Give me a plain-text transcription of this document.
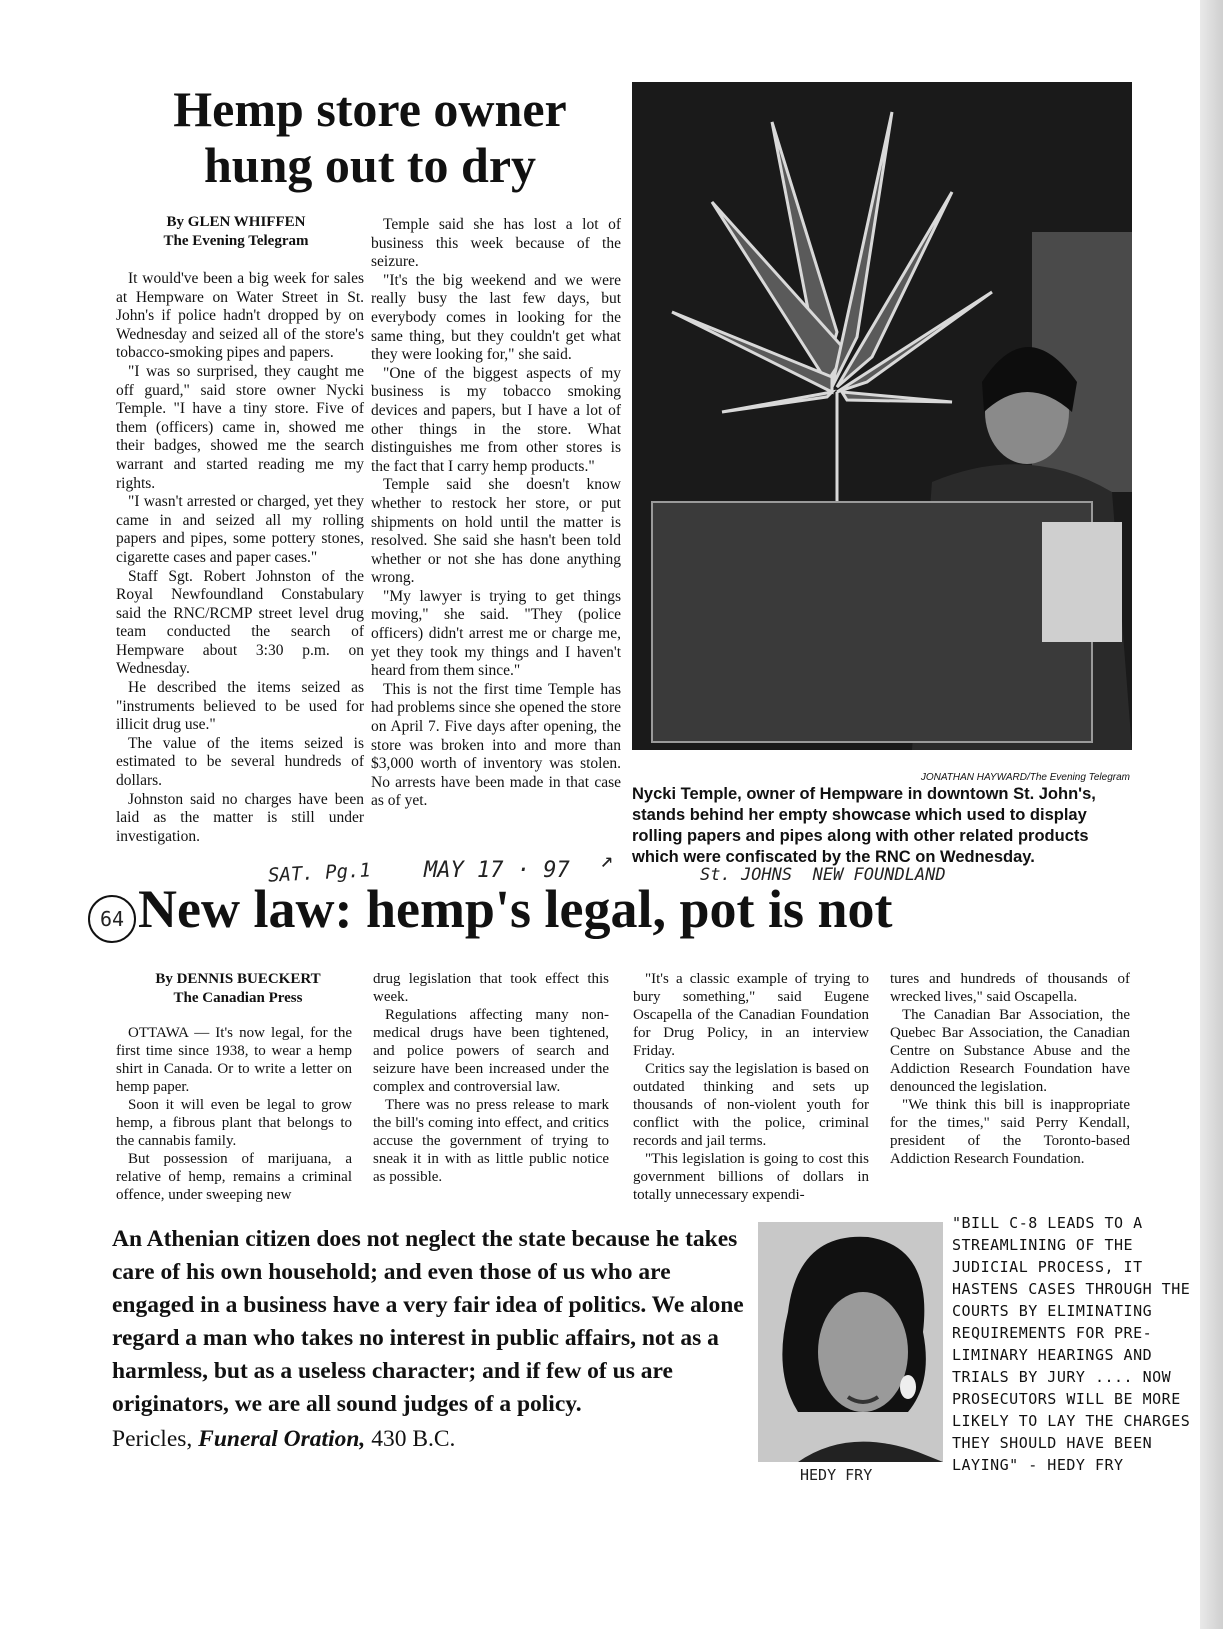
Hemp store owner
hung out to dry
By GLEN WHIFFEN
The Evening Telegram

It would've been a big week for sales at Hempware on Water Street in St. John's if police hadn't dropped by on Wednesday and seized all of the store's tobacco-smoking pipes and papers.

"I was so surprised, they caught me off guard," said store owner Nycki Temple. "I have a tiny store. Five of them (officers) came in, showed me their badges, showed me the search warrant and started reading me my rights.

"I wasn't arrested or charged, yet they came in and seized all my rolling papers and pipes, some pottery stones, cigarette cases and paper cases."

Staff Sgt. Robert Johnston of the Royal Newfoundland Constabulary said the RNC/RCMP street level drug team conducted the search of Hempware about 3:30 p.m. on Wednesday.

He described the items seized as "instruments believed to be used for illicit drug use."

The value of the items seized is estimated to be several hundreds of dollars.

Johnston said no charges have been laid as the matter is still under investigation.

Temple said she has lost a lot of business this week because of the seizure.

"It's the big weekend and we were really busy the last few days, but everybody comes in looking for the same thing, but they couldn't get what they were looking for," she said.

"One of the biggest aspects of my business is my tobacco smoking devices and papers, but I have a lot of other things in the store. What distinguishes me from other stores is the fact that I carry hemp products."

Temple said she doesn't know whether to restock her store, or put shipments on hold until the matter is resolved. She said she hasn't been told whether or not she has done anything wrong.

"My lawyer is trying to get things moving," she said. "They (police officers) didn't arrest me or charge me, yet they took my things and I haven't heard from them since."

This is not the first time Temple has had problems since she opened the store on April 7. Five days after opening, the store was broken into and more than $3,000 worth of inventory was stolen. No arrests have been made in that case as of yet.

JONATHAN HAYWARD/The Evening Telegram
Nycki Temple, owner of Hempware in downtown St. John's, stands behind her empty showcase which used to display rolling papers and pipes along with other related products which were confiscated by the RNC on Wednesday.
SAT. Pg.1 MAY 17 · 97 ↗
St. JOHNS  NEW FOUNDLAND
64 New law: hemp's legal, pot is not
By DENNIS BUECKERT
The Canadian Press

OTTAWA — It's now legal, for the first time since 1938, to wear a hemp shirt in Canada. Or to write a letter on hemp paper.

Soon it will even be legal to grow hemp, a fibrous plant that belongs to the cannabis family.

But possession of marijuana, a relative of hemp, remains a criminal offence, under sweeping new

drug legislation that took effect this week.

Regulations affecting many non-medical drugs have been tightened, and police powers of search and seizure have been increased under the complex and controversial law.

There was no press release to mark the bill's coming into effect, and critics accuse the government of trying to sneak it in with as little public notice as possible.

"It's a classic example of trying to bury something," said Eugene Oscapella of the Canadian Foundation for Drug Policy, in an interview Friday.

Critics say the legislation is based on outdated thinking and sets up thousands of non-violent youth for conflict with the police, criminal records and jail terms.

"This legislation is going to cost this government billions of dollars in totally unnecessary expendi-

tures and hundreds of thousands of wrecked lives," said Oscapella.

The Canadian Bar Association, the Quebec Bar Association, the Canadian Centre on Substance Abuse and the Addiction Research Foundation have denounced the legislation.

"We think this bill is inappropriate for the times," said Perry Kendall, president of the Toronto-based Addiction Research Foundation.

An Athenian citizen does not neglect the state because he takes care of his own household; and even those of us who are engaged in a business have a very fair idea of politics. We alone regard a man who takes no interest in public affairs, not as a harmless, but as a useless character; and if few of us are originators, we are all sound judges of a policy.
Pericles, Funeral Oration, 430 B.C.
HEDY FRY
"BILL C-8 LEADS TO A STREAMLINING OF THE JUDICIAL PROCESS, IT HASTENS CASES THROUGH THE COURTS BY ELIMINATING REQUIREMENTS FOR PRE-LIMINARY HEARINGS AND TRIALS BY JURY .... NOW PROSECUTORS WILL BE MORE LIKELY TO LAY THE CHARGES THEY SHOULD HAVE BEEN LAYING" - HEDY FRY
